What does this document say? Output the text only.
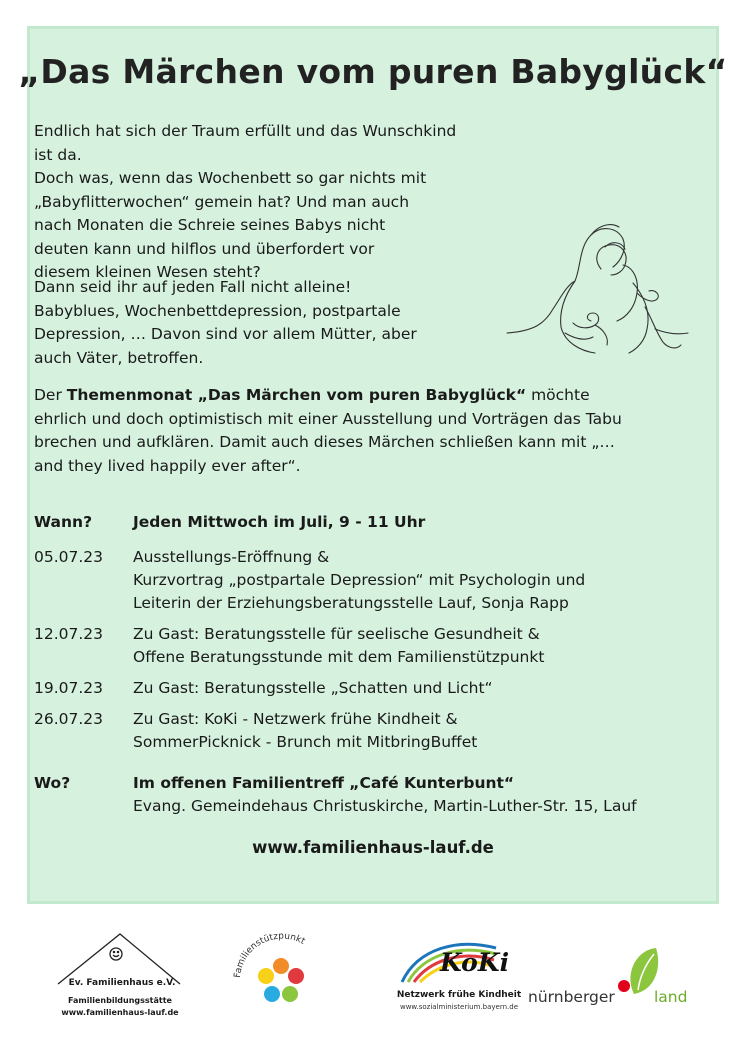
„Das Märchen vom puren Babyglück“

Endlich hat sich der Traum erfüllt und das Wunschkind ist da.
Doch was, wenn das Wochenbett so gar nichts mit
„Babyflitterwochen“ gemein hat? Und man auch
nach Monaten die Schreie seines Babys nicht
deuten kann und hilflos und überfordert vor
diesem kleinen Wesen steht?

Dann seid ihr auf jeden Fall nicht alleine!
Babyblues, Wochenbettdepression, postpartale
Depression, … Davon sind vor allem Mütter, aber
auch Väter, betroffen.

Der Themenmonat „Das Märchen vom puren Babyglück“ möchte
ehrlich und doch optimistisch mit einer Ausstellung und Vorträgen das Tabu
brechen und aufklären. Damit auch dieses Märchen schließen kann mit „…
and they lived happily ever after“.

Wann?	Jeden Mittwoch im Juli, 9 - 11 Uhr
05.07.23	Ausstellungs-Eröffnung &
Kurzvortrag „postpartale Depression“ mit Psychologin und
Leiterin der Erziehungsberatungsstelle Lauf, Sonja Rapp
12.07.23	Zu Gast: Beratungsstelle für seelische Gesundheit &
Offene Beratungsstunde mit dem Familienstützpunkt
19.07.23	Zu Gast: Beratungsstelle „Schatten und Licht“
26.07.23	Zu Gast: KoKi - Netzwerk frühe Kindheit &
SommerPicknick - Brunch mit MitbringBuffet
Wo?	Im offenen Familientreff „Café Kunterbunt“
Evang. Gemeindehaus Christuskirche, Martin-Luther-Str. 15, Lauf

www.familienhaus-lauf.de

Ev. Familienhaus e.V.
Familienbildungsstätte
www.familienhaus-lauf.de
Familienstützpunkt
KoKi
Netzwerk frühe Kindheit
www.sozialministerium.bayern.de
nürnberger	land
